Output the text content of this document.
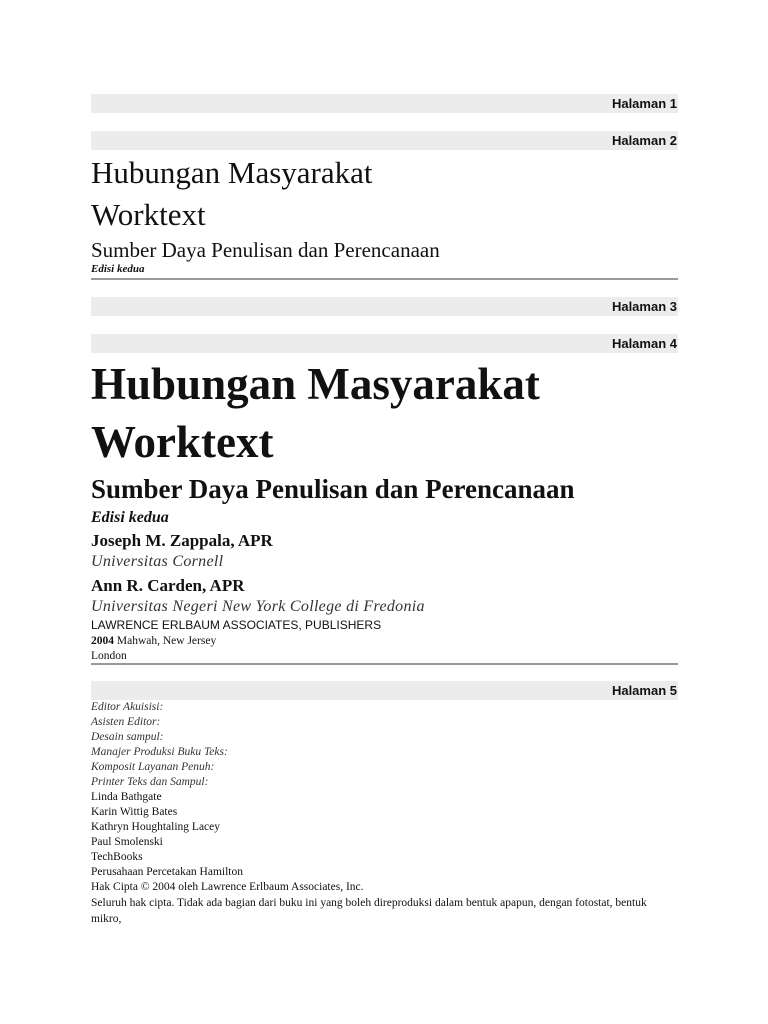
Halaman 1
Halaman 2
Hubungan Masyarakat
Worktext
Sumber Daya Penulisan dan Perencanaan
Edisi kedua
Halaman 3
Halaman 4
Hubungan Masyarakat
Worktext
Sumber Daya Penulisan dan Perencanaan
Edisi kedua
Joseph M. Zappala, APR
Universitas Cornell
Ann R. Carden, APR
Universitas Negeri New York College di Fredonia
LAWRENCE ERLBAUM ASSOCIATES, PUBLISHERS
2004 Mahwah, New Jersey
London
Halaman 5
Editor Akuisisi:
Asisten Editor:
Desain sampul:
Manajer Produksi Buku Teks:
Komposit Layanan Penuh:
Printer Teks dan Sampul:
Linda Bathgate
Karin Wittig Bates
Kathryn Houghtaling Lacey
Paul Smolenski
TechBooks
Perusahaan Percetakan Hamilton
Hak Cipta © 2004 oleh Lawrence Erlbaum Associates, Inc.
Seluruh hak cipta. Tidak ada bagian dari buku ini yang boleh direproduksi dalam bentuk apapun, dengan fotostat, bentuk mikro,
